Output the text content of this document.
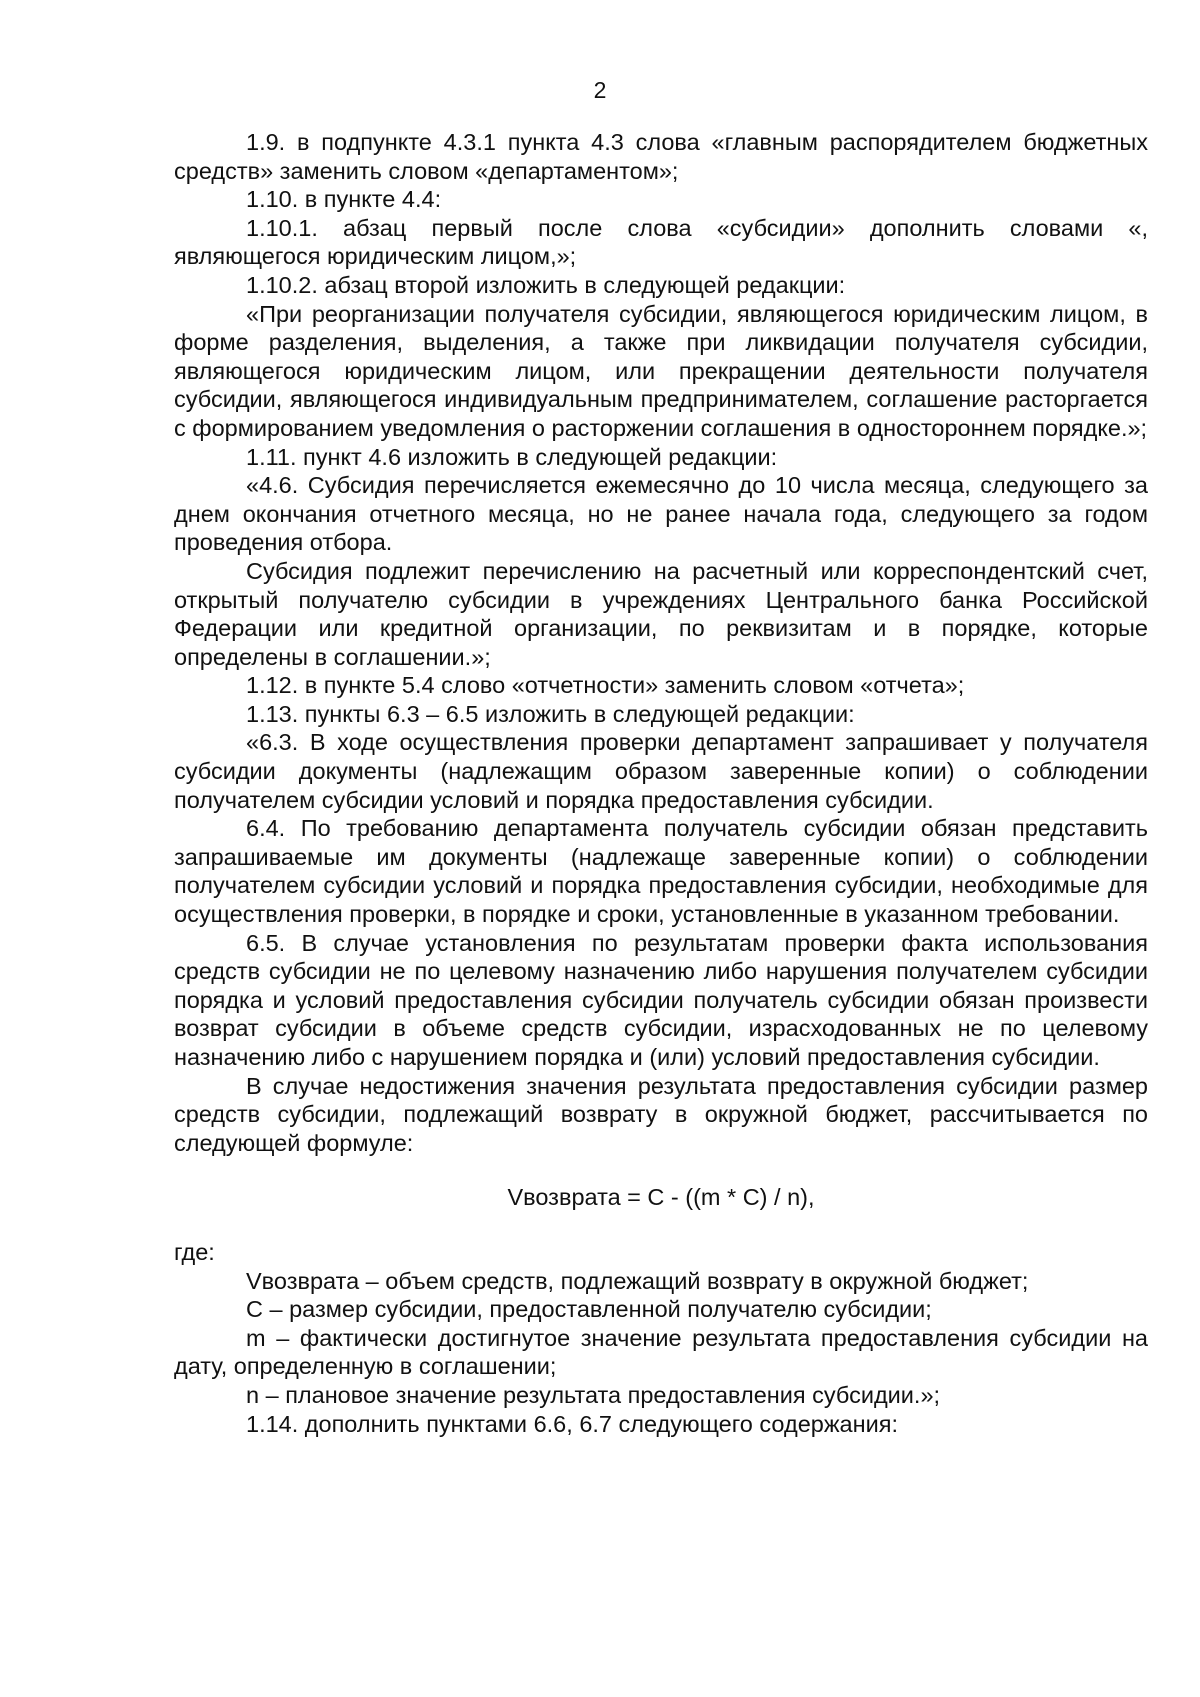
2

1.9. в подпункте 4.3.1 пункта 4.3 слова «главным распорядителем бюджетных средств» заменить словом «департаментом»;

1.10. в пункте 4.4:

1.10.1. абзац первый после слова «субсидии» дополнить словами «, являющегося юридическим лицом,»;

1.10.2. абзац второй изложить в следующей редакции:

«При реорганизации получателя субсидии, являющегося юридическим лицом, в форме разделения, выделения, а также при ликвидации получателя субсидии, являющегося юридическим лицом, или прекращении деятельности получателя субсидии, являющегося индивидуальным предпринимателем, соглашение расторгается с формированием уведомления о расторжении соглашения в одностороннем порядке.»;

1.11. пункт 4.6 изложить в следующей редакции:

«4.6. Субсидия перечисляется ежемесячно до 10 числа месяца, следующего за днем окончания отчетного месяца, но не ранее начала года, следующего за годом проведения отбора.

Субсидия подлежит перечислению на расчетный или корреспондентский счет, открытый получателю субсидии в учреждениях Центрального банка Российской Федерации или кредитной организации, по реквизитам и в порядке, которые определены в соглашении.»;

1.12. в пункте 5.4 слово «отчетности» заменить словом «отчета»;

1.13. пункты 6.3 – 6.5 изложить в следующей редакции:

«6.3. В ходе осуществления проверки департамент запрашивает у получателя субсидии документы (надлежащим образом заверенные копии) о соблюдении получателем субсидии условий и порядка предоставления субсидии.

6.4. По требованию департамента получатель субсидии обязан представить запрашиваемые им документы (надлежаще заверенные копии) о соблюдении получателем субсидии условий и порядка предоставления субсидии, необходимые для осуществления проверки, в порядке и сроки, установленные в указанном требовании.

6.5. В случае установления по результатам проверки факта использования средств субсидии не по целевому назначению либо нарушения получателем субсидии порядка и условий предоставления субсидии получатель субсидии обязан произвести возврат субсидии в объеме средств субсидии, израсходованных не по целевому назначению либо с нарушением порядка и (или) условий предоставления субсидии.

В случае недостижения значения результата предоставления субсидии размер средств субсидии, подлежащий возврату в окружной бюджет, рассчитывается по следующей формуле:

Vвозврата = C - ((m * C) / n),

где:

Vвозврата – объем средств, подлежащий возврату в окружной бюджет;

C – размер субсидии, предоставленной получателю субсидии;

m – фактически достигнутое значение результата предоставления субсидии на дату, определенную в соглашении;

n – плановое значение результата предоставления субсидии.»;

1.14. дополнить пунктами 6.6, 6.7 следующего содержания:
